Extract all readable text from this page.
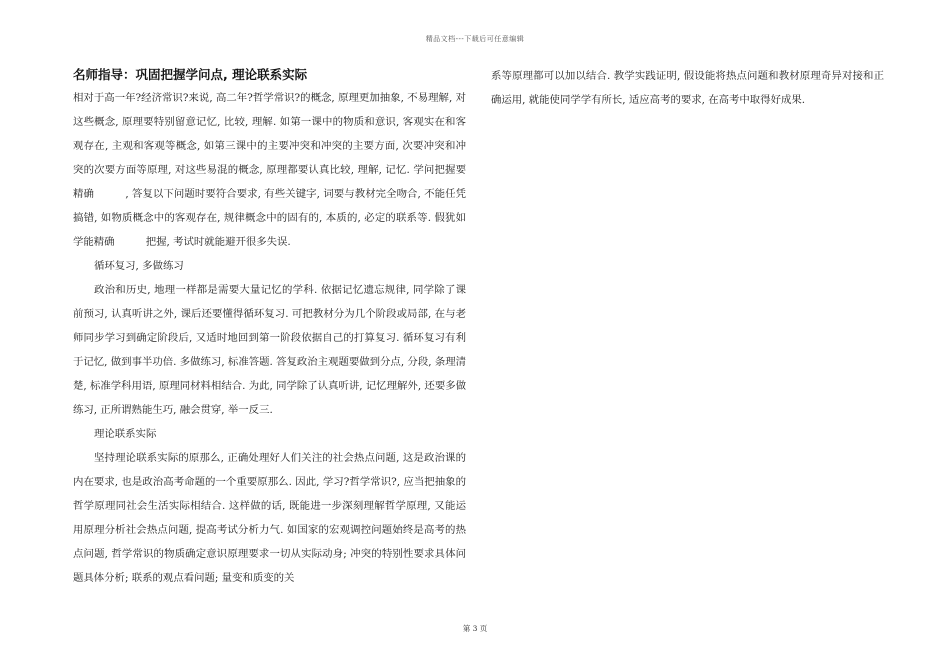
精品文档---下载后可任意编辑

名师指导：巩固把握学问点, 理论联系实际

相对于高一年?经济常识?来说, 高二年?哲学常识?的概念, 原理更加抽象, 不易理解, 对这些概念, 原理要特别留意记忆, 比较, 理解. 如第一课中的物质和意识, 客观实在和客观存在, 主观和客观等概念, 如第三课中的主要冲突和冲突的主要方面, 次要冲突和冲突的次要方面等原理, 对这些易混的概念, 原理都要认真比较, 理解, 记忆. 学问把握要精确　　　, 答复以下问题时要符合要求, 有些关键字, 词要与教材完全吻合, 不能任凭搞错, 如物质概念中的客观存在, 规律概念中的固有的, 本质的, 必定的联系等. 假犹如学能精确　　　把握, 考试时就能避开很多失误.

循环复习, 多做练习

政治和历史, 地理一样都是需要大量记忆的学科. 依据记忆遗忘规律, 同学除了课前预习, 认真听讲之外, 课后还要懂得循环复习. 可把教材分为几个阶段或局部, 在与老师同步学习到确定阶段后, 又适时地回到第一阶段依据自己的打算复习. 循环复习有利于记忆, 做到事半功倍. 多做练习, 标准答题. 答复政治主观题要做到分点, 分段, 条理清楚, 标准学科用语, 原理同材料相结合. 为此, 同学除了认真听讲, 记忆理解外, 还要多做练习, 正所谓熟能生巧, 融会贯穿, 举一反三.

理论联系实际

坚持理论联系实际的原那么, 正确处理好人们关注的社会热点问题, 这是政治课的内在要求, 也是政治高考命题的一个重要原那么. 因此, 学习?哲学常识?, 应当把抽象的哲学原理同社会生活实际相结合. 这样做的话, 既能进一步深刻理解哲学原理, 又能运用原理分析社会热点问题, 提高考试分析力气. 如国家的宏观调控问题始终是高考的热点问题, 哲学常识的物质确定意识原理要求一切从实际动身; 冲突的特别性要求具体问题具体分析; 联系的观点看问题; 量变和质变的关

系等原理都可以加以结合. 教学实践证明, 假设能将热点问题和教材原理奇异对接和正确运用, 就能使同学学有所长, 适应高考的要求, 在高考中取得好成果.

第 3 页
